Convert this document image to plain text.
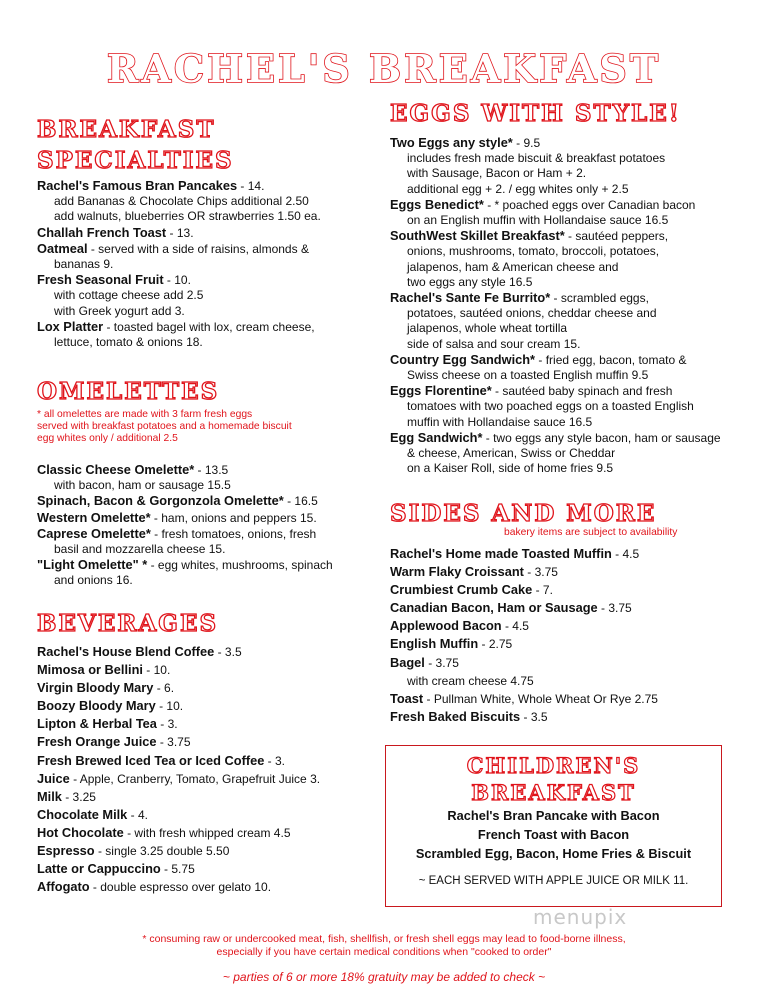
RACHEL'S BREAKFAST
BREAKFAST
SPECIALTIES
Rachel's Famous Bran Pancakes - 14.
add Bananas & Chocolate Chips additional 2.50
add walnuts, blueberries OR strawberries 1.50 ea.
Challah French Toast - 13.
Oatmeal - served with a side of raisins, almonds &
bananas 9.
Fresh Seasonal Fruit - 10.
with cottage cheese add 2.5
with Greek yogurt add 3.
Lox Platter - toasted bagel with lox, cream cheese,
lettuce, tomato & onions 18.
OMELETTES
* all omelettes are made with 3 farm fresh eggs
served with breakfast potatoes and a homemade biscuit
egg whites only / additional 2.5
Classic Cheese Omelette* - 13.5
with bacon, ham or sausage 15.5
Spinach, Bacon & Gorgonzola Omelette* - 16.5
Western Omelette* - ham, onions and peppers 15.
Caprese Omelette* - fresh tomatoes, onions, fresh
basil and mozzarella cheese 15.
"Light Omelette" * - egg whites, mushrooms, spinach
and onions 16.
BEVERAGES
Rachel's House Blend Coffee - 3.5
Mimosa or Bellini - 10.
Virgin Bloody Mary - 6.
Boozy Bloody Mary - 10.
Lipton & Herbal Tea - 3.
Fresh Orange Juice - 3.75
Fresh Brewed Iced Tea or Iced Coffee - 3.
Juice - Apple, Cranberry, Tomato, Grapefruit Juice 3.
Milk - 3.25
Chocolate Milk - 4.
Hot Chocolate - with fresh whipped cream 4.5
Espresso - single 3.25 double 5.50
Latte or Cappuccino - 5.75
Affogato - double espresso over gelato 10.
EGGS WITH STYLE!
Two Eggs any style* - 9.5
includes fresh made biscuit & breakfast potatoes
with Sausage, Bacon or Ham + 2.
additional egg + 2. / egg whites only + 2.5
Eggs Benedict* - * poached eggs over Canadian bacon
on an English muffin with Hollandaise sauce 16.5
SouthWest Skillet Breakfast* - sautéed peppers,
onions, mushrooms, tomato, broccoli, potatoes,
jalapenos, ham & American cheese and
two eggs any style 16.5
Rachel's Sante Fe Burrito* - scrambled eggs,
potatoes, sautéed onions, cheddar cheese and
jalapenos, whole wheat tortilla
side of salsa and sour cream 15.
Country Egg Sandwich* - fried egg, bacon, tomato &
Swiss cheese on a toasted English muffin 9.5
Eggs Florentine* - sautéed baby spinach and fresh
tomatoes with two poached eggs on a toasted English
muffin with Hollandaise sauce 16.5
Egg Sandwich* - two eggs any style bacon, ham or sausage
& cheese, American, Swiss or Cheddar
on a Kaiser Roll, side of home fries 9.5
SIDES AND MORE
bakery items are subject to availability
Rachel's Home made Toasted Muffin - 4.5
Warm Flaky Croissant - 3.75
Crumbiest Crumb Cake - 7.
Canadian Bacon, Ham or Sausage - 3.75
Applewood Bacon - 4.5
English Muffin - 2.75
Bagel - 3.75
with cream cheese 4.75
Toast - Pullman White, Whole Wheat Or Rye 2.75
Fresh Baked Biscuits - 3.5
CHILDREN'S
BREAKFAST
Rachel's Bran Pancake with Bacon
French Toast with Bacon
Scrambled Egg, Bacon, Home Fries & Biscuit
~ EACH SERVED WITH APPLE JUICE OR MILK 11.
menupix
* consuming raw or undercooked meat, fish, shellfish, or fresh shell eggs may lead to food-borne illness,
especially if you have certain medical conditions when "cooked to order"
~ parties of 6 or more 18% gratuity may be added to check ~
